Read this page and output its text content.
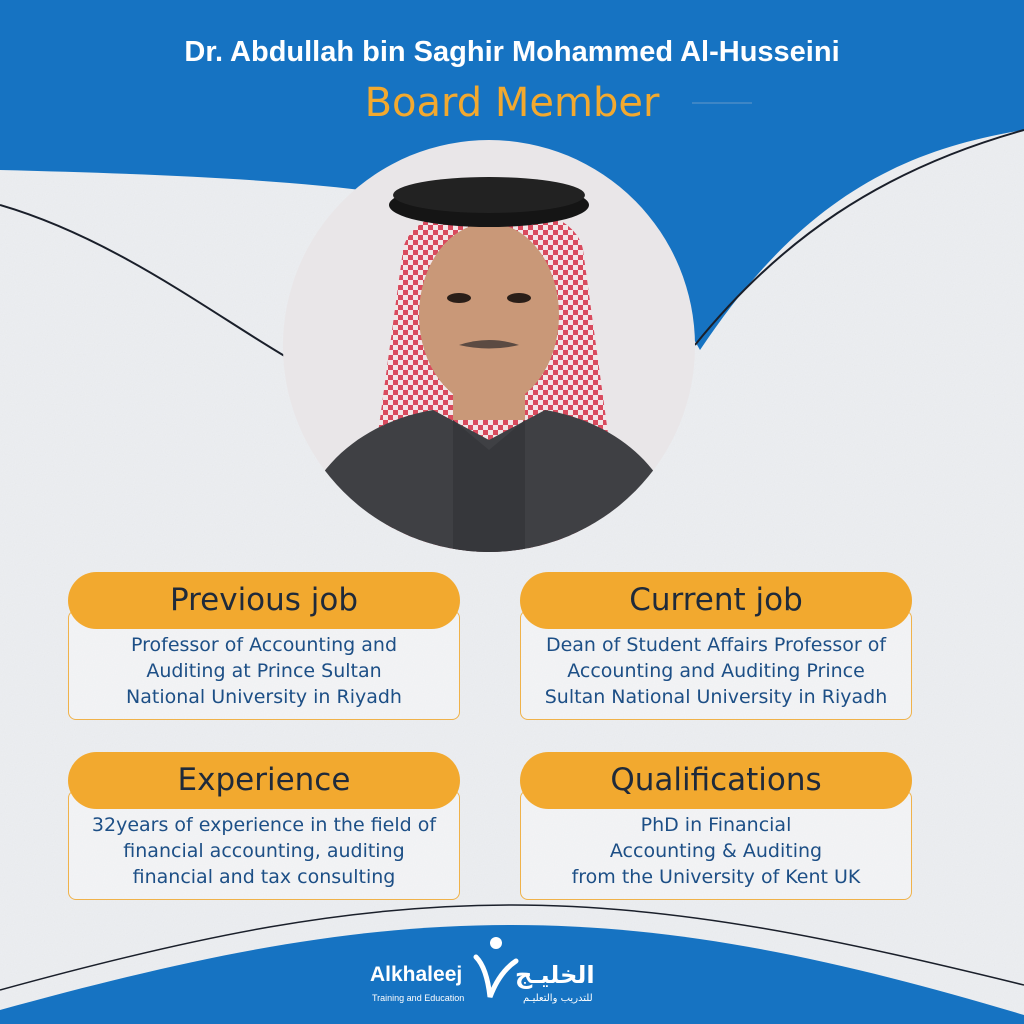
Dr. Abdullah bin Saghir Mohammed Al-Husseini
Board Member
Previous job
Professor of Accounting and
Auditing at Prince Sultan
National University in Riyadh
Current job
Dean of Student Affairs Professor of
Accounting and Auditing Prince
Sultan National University in Riyadh
Experience
32years of experience in the field of
financial accounting, auditing
financial and tax consulting
Qualifications
PhD in Financial
Accounting & Auditing
from the University of Kent UK
Alkhaleej
Training and Education
الخليـج
للتدريب والتعليـم
